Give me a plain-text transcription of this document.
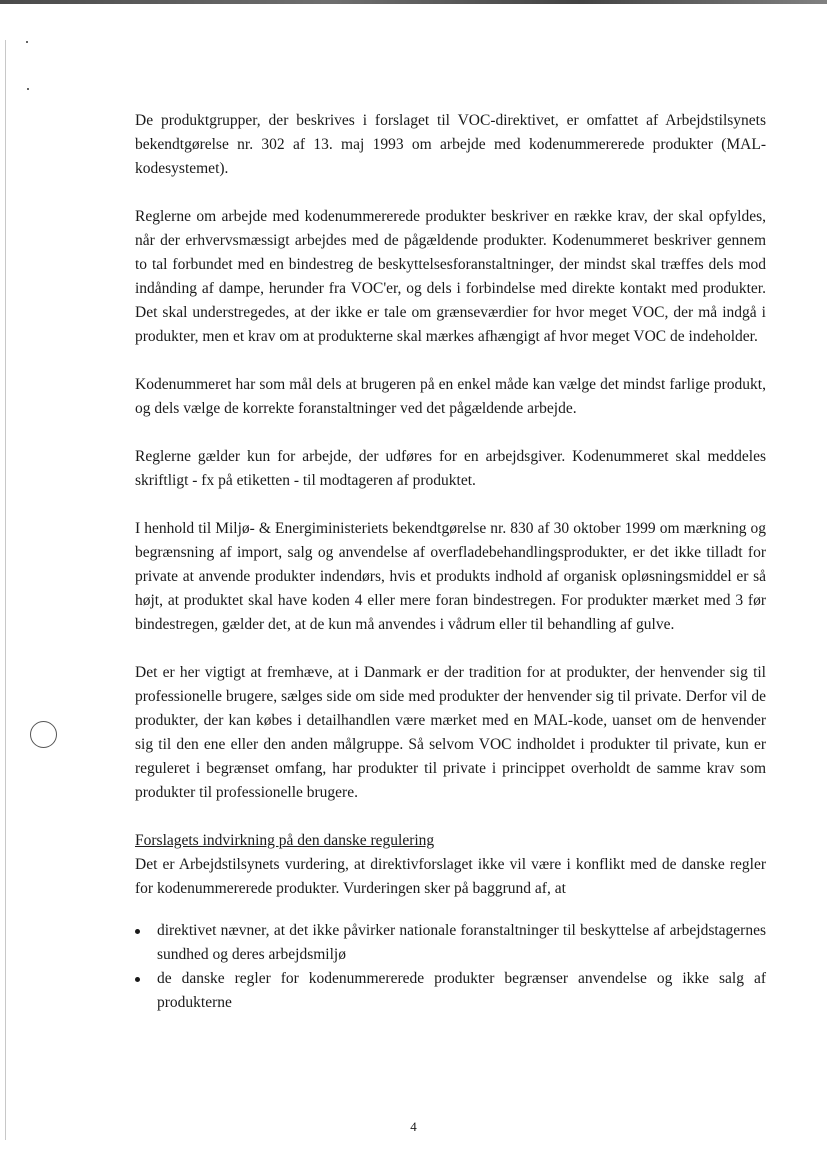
De produktgrupper, der beskrives i forslaget til VOC-direktivet, er omfattet af Arbejdstilsynets bekendtgørelse nr. 302 af 13. maj 1993 om arbejde med kodenummererede produkter (MAL-kodesystemet).

Reglerne om arbejde med kodenummererede produkter beskriver en række krav, der skal opfyldes, når der erhvervsmæssigt arbejdes med de pågældende produkter. Kodenummeret beskriver gennem to tal forbundet med en bindestreg de beskyttelsesforanstaltninger, der mindst skal træffes dels mod indånding af dampe, herunder fra VOC'er, og dels i forbindelse med direkte kontakt med produkter. Det skal understregedes, at der ikke er tale om grænseværdier for hvor meget VOC, der må indgå i produkter, men et krav om at produkterne skal mærkes afhængigt af hvor meget VOC de indeholder.

Kodenummeret har som mål dels at brugeren på en enkel måde kan vælge det mindst farlige produkt, og dels vælge de korrekte foranstaltninger ved det pågældende arbejde.

Reglerne gælder kun for arbejde, der udføres for en arbejdsgiver. Kodenummeret skal meddeles skriftligt - fx på etiketten - til modtageren af produktet.

I henhold til Miljø- & Energiministeriets bekendtgørelse nr. 830 af 30 oktober 1999 om mærkning og begrænsning af import, salg og anvendelse af overfladebehandlingsprodukter, er det ikke tilladt for private at anvende produkter indendørs, hvis et produkts indhold af organisk opløsningsmiddel er så højt, at produktet skal have koden 4 eller mere foran bindestregen. For produkter mærket med 3 før bindestregen, gælder det, at de kun må anvendes i vådrum eller til behandling af gulve.

Det er her vigtigt at fremhæve, at i Danmark er der tradition for at produkter, der henvender sig til professionelle brugere, sælges side om side med produkter der henvender sig til private. Derfor vil de produkter, der kan købes i detailhandlen være mærket med en MAL-kode, uanset om de henvender sig til den ene eller den anden målgruppe. Så selvom VOC indholdet i produkter til private, kun er reguleret i begrænset omfang, har produkter til private i princippet overholdt de samme krav som produkter til professionelle brugere.

Forslagets indvirkning på den danske regulering

Det er Arbejdstilsynets vurdering, at direktivforslaget ikke vil være i konflikt med de danske regler for kodenummererede produkter. Vurderingen sker på baggrund af, at

direktivet nævner, at det ikke påvirker nationale foranstaltninger til beskyttelse af arbejdstagernes sundhed og deres arbejdsmiljø
de danske regler for kodenummererede produkter begrænser anvendelse og ikke salg af produkterne
4
